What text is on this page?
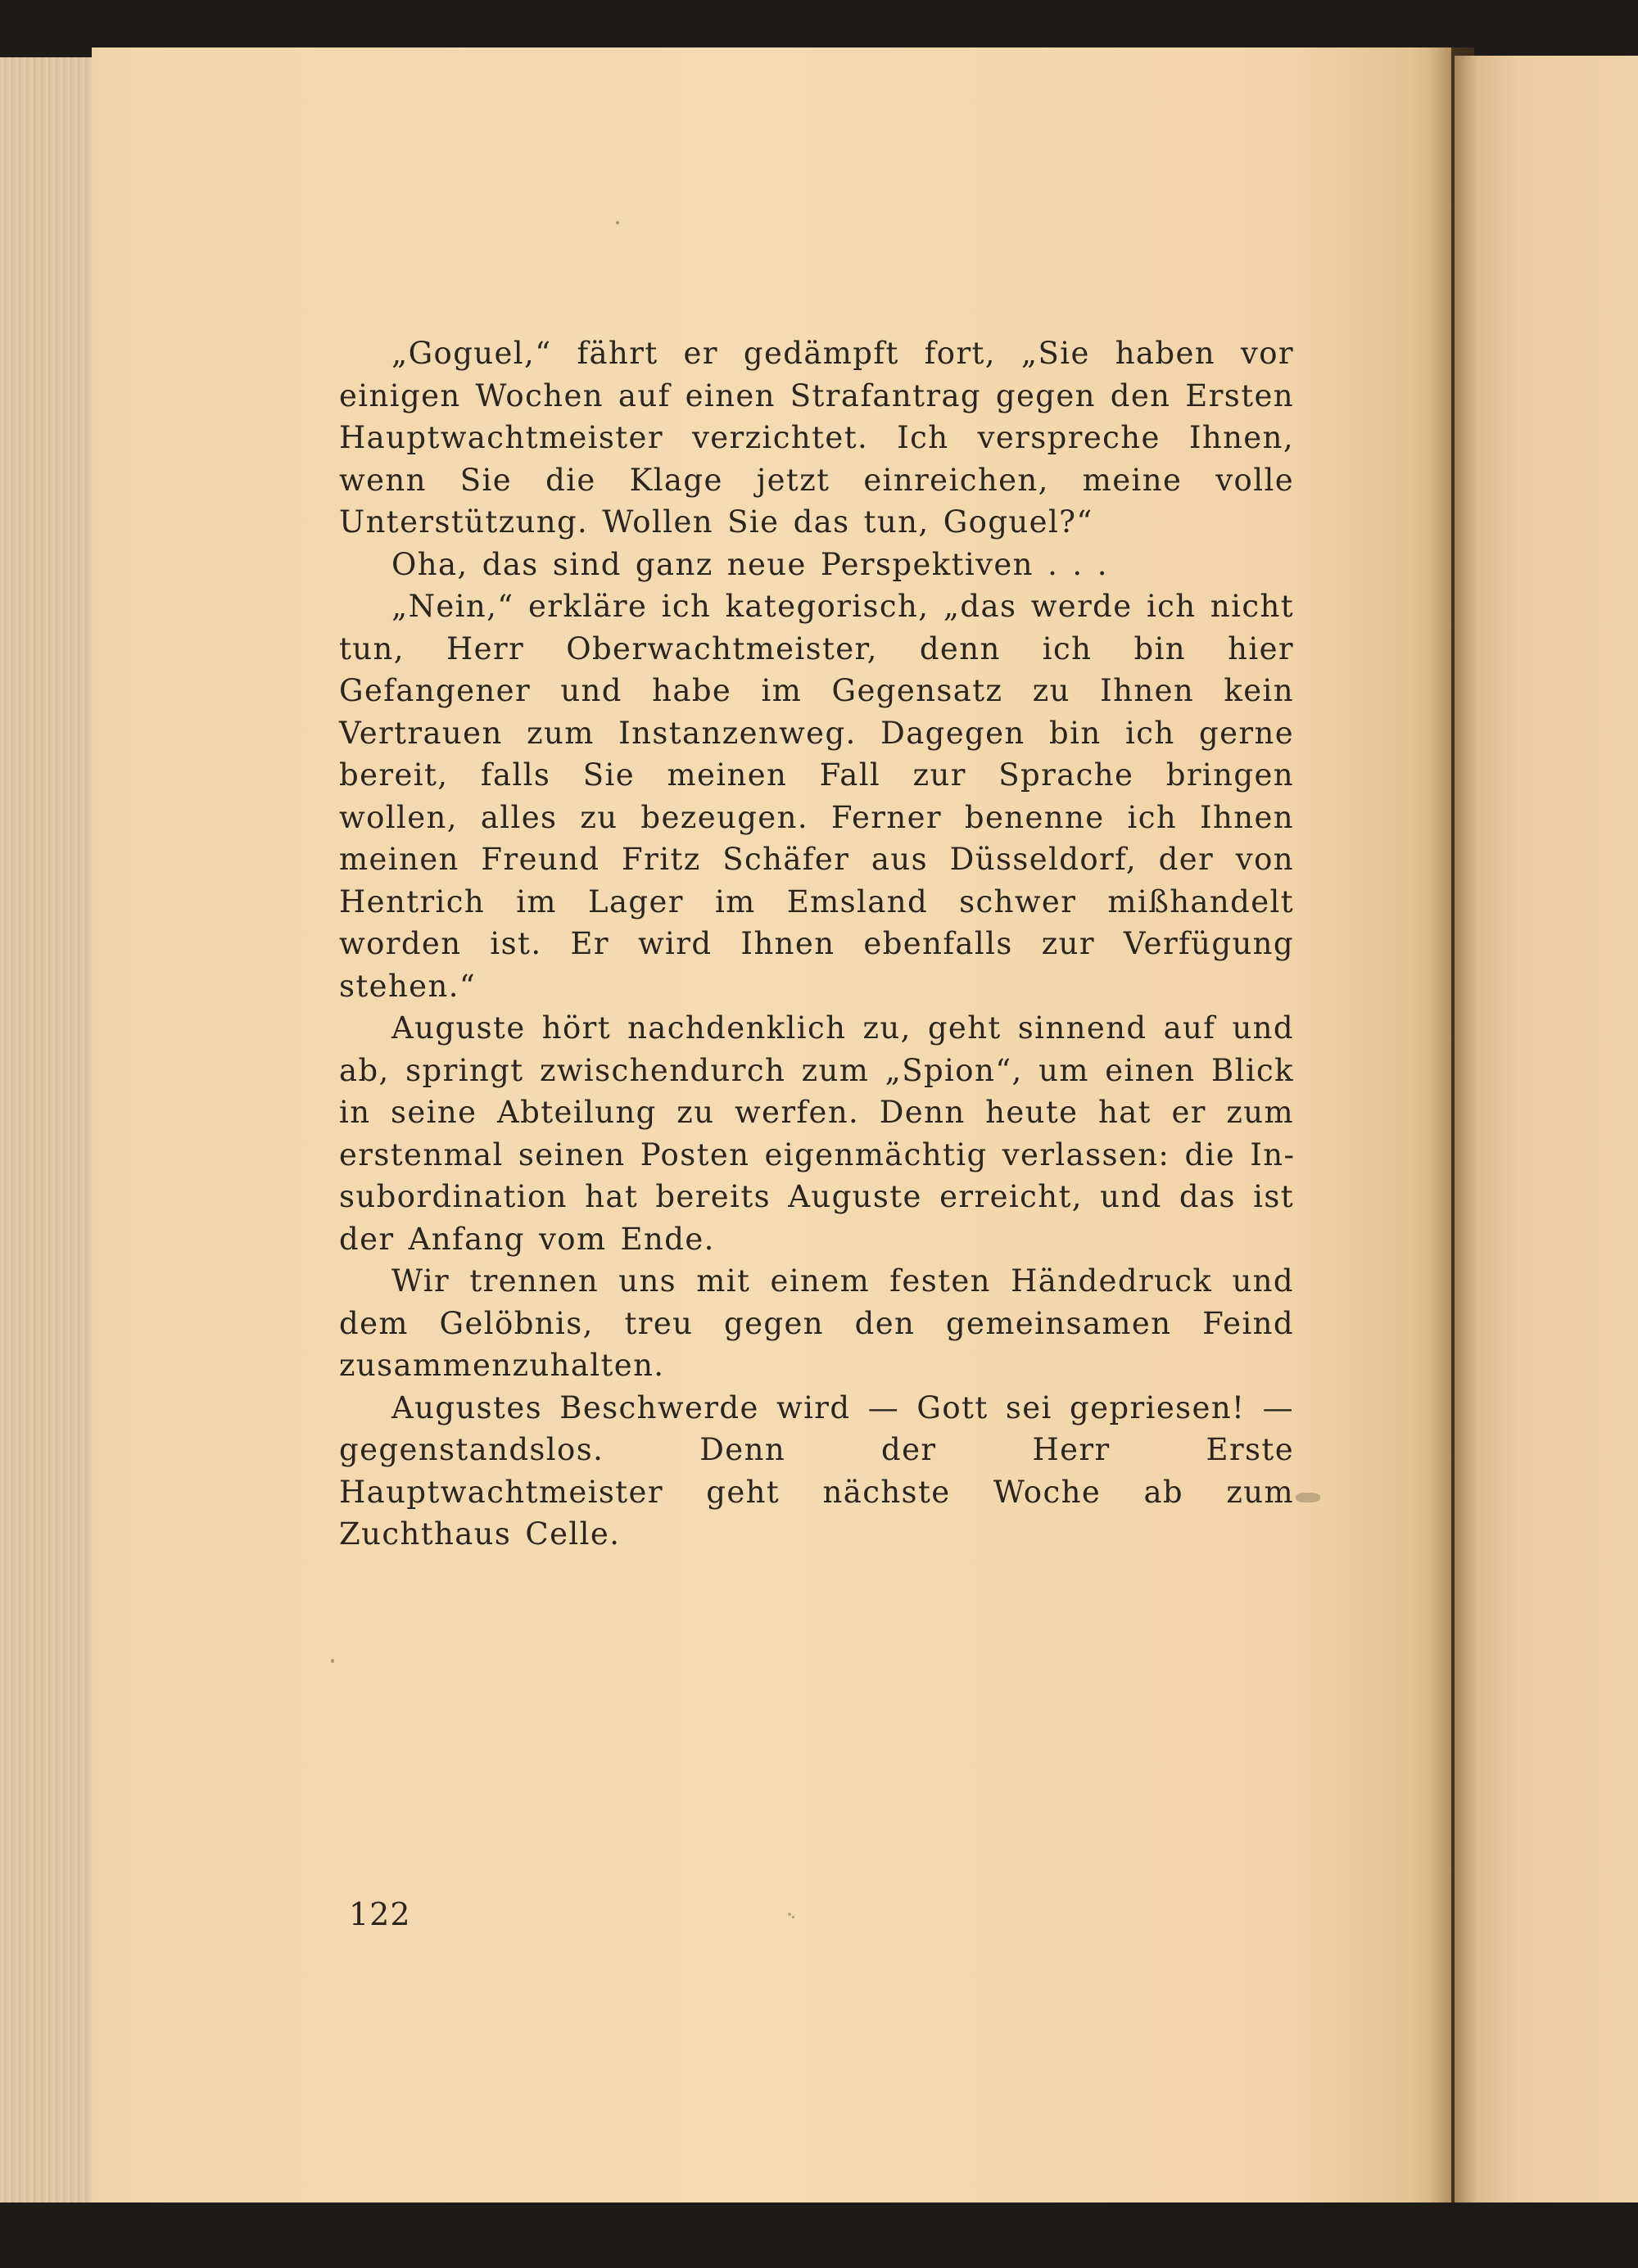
„Goguel,“ fährt er gedämpft fort, „Sie haben vor einigen Wochen auf einen Strafantrag gegen den Ersten Hauptwachtmeister verzichtet. Ich verspreche Ihnen, wenn Sie die Klage jetzt einreichen, meine volle Unterstützung. Wollen Sie das tun, Goguel?“

Oha, das sind ganz neue Perspektiven . . .

„Nein,“ erkläre ich kategorisch, „das werde ich nicht tun, Herr Oberwachtmeister, denn ich bin hier Gefangener und habe im Gegensatz zu Ihnen kein Vertrauen zum Instanzenweg. Dagegen bin ich gerne bereit, falls Sie meinen Fall zur Sprache bringen wollen, alles zu bezeugen. Ferner benenne ich Ihnen meinen Freund Fritz Schäfer aus Düsseldorf, der von Hentrich im Lager im Emsland schwer mißhandelt worden ist. Er wird Ihnen ebenfalls zur Verfügung stehen.“

Auguste hört nachdenklich zu, geht sinnend auf und ab, springt zwischendurch zum „Spion“, um einen Blick in seine Abteilung zu werfen. Denn heute hat er zum erstenmal seinen Posten eigenmächtig verlassen: die Insubordination hat bereits Auguste erreicht, und das ist der Anfang vom Ende.

Wir trennen uns mit einem festen Händedruck und dem Gelöbnis, treu gegen den gemeinsamen Feind zusammenzuhalten.

Augustes Beschwerde wird — Gott sei gepriesen! — gegenstandslos. Denn der Herr Erste Hauptwachtmeister geht nächste Woche ab zum Zuchthaus Celle.

122
